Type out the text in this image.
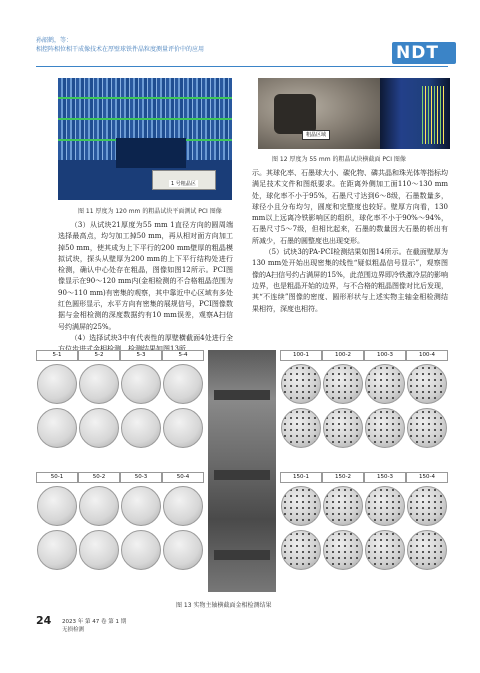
孙韶鹤，等：
相控阵相位相干成像技术在厚壁球铁件晶粒度测量评价中的应用	NDT
1 号粗晶区
图 11 厚度为 120 mm 的粗晶试块平面测试 PCI 图像
粗晶区域
图 12 厚度为 55 mm 的粗晶试块横截面 PCI 图像

（3）从试块21厚度为55 mm 1直径方向的圆周端选择最高点，均匀加工掉50 mm，再从相对面方向加工掉50 mm，使其成为上下平行的200 mm壁厚的粗晶模拟试块，探头从壁厚为200 mm的上下平行结构处进行检测，确认中心处存在粗晶，图像如图12所示。PCI图像显示在90～120 mm内(金相检测的不合格粗晶范围为90～110 mm)有密集的观察，其中靠近中心区域有多处红色圆形显示，水平方向有密集的展规信号，PCI图像数据与金相检测的深度数据约有10 mm误差，观察A扫信号约满屏的25%。

（4）选择试块3中有代表性的厚壁横截面4处进行全

示。其球化率、石墨球大小、碳化物、磷共晶和珠光体等指标均满足技术文件和图纸要求。在距离外侧加工面110～130 mm处，球化率不小于95%，石墨尺寸达到6～8级，石墨数量多，球径小且分布均匀，圆度和完整度也较好。壁厚方向看，130 mm以上远离冷铁影响区的组织，球化率不小于90%～94%，石墨尺寸5～7级，但相比起来，石墨的数量因大石墨的析出有所减少，石墨的圆整度也出现变形。

（5）试块3的PA-PCI检测结果如图14所示。在截面壁厚为130 mm处开始出现密集的线性“疑似粗晶信号显示”，观察图像的A扫信号约占满屏的15%，此范围边界即冷铁激冷层的影响边界，也是粗晶开始的边界，与不合格的粗晶图像对比后发现，其“不连续”图像的密度、圆形形状与上述实物主轴金相检测结果相符，深度也相符。

5-1	5-2	5-3	5-4
50-1	50-2	50-3	50-4
100-1	100-2	100-3	100-4
150-1	150-2	150-3	150-4
图 13 实物主轴横截面金相检测结果
24 2023 年 第 47 卷 第 1 期
无损检测
